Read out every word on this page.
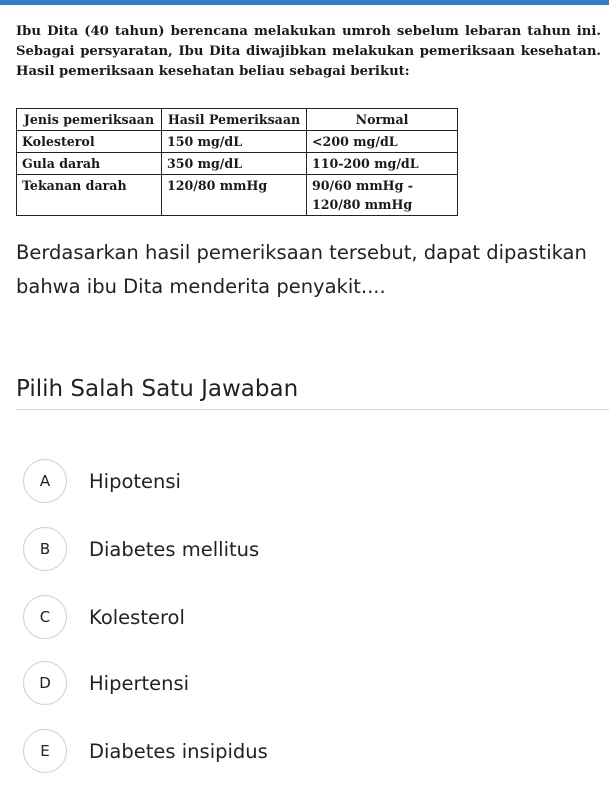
Ibu Dita (40 tahun) berencana melakukan umroh sebelum lebaran tahun ini. Sebagai persyaratan, Ibu Dita diwajibkan melakukan pemeriksaan kesehatan. Hasil pemeriksaan kesehatan beliau sebagai berikut:

Jenis pemeriksaan	Hasil Pemeriksaan	Normal
Kolesterol	150 mg/dL	<200 mg/dL
Gula darah	350 mg/dL	110-200 mg/dL
Tekanan darah	120/80 mmHg	90/60 mmHg - 120/80 mmHg
Berdasarkan hasil pemeriksaan tersebut, dapat dipastikan bahwa ibu Dita menderita penyakit....
Pilih Salah Satu Jawaban
A	Hipotensi
B	Diabetes mellitus
C	Kolesterol
D	Hipertensi
E	Diabetes insipidus
